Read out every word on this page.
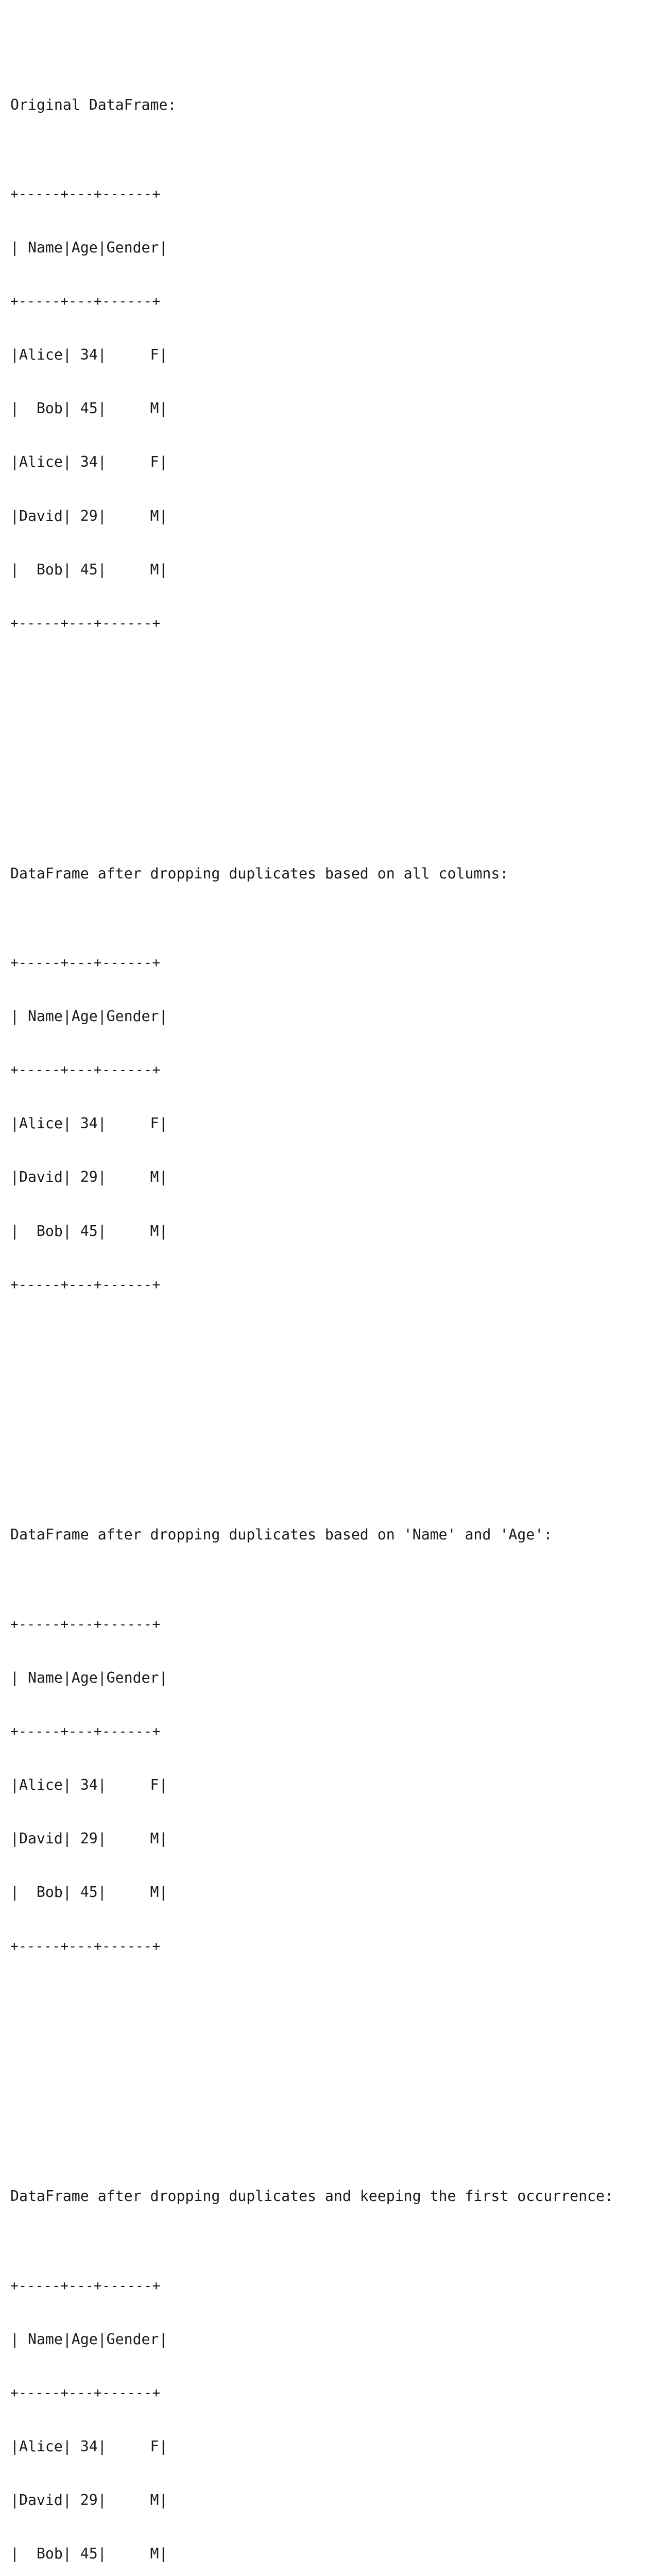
Original DataFrame:

+-----+---+------+

| Name|Age|Gender|

+-----+---+------+

|Alice| 34|     F|

|  Bob| 45|     M|

|Alice| 34|     F|

|David| 29|     M|

|  Bob| 45|     M|

+-----+---+------+

DataFrame after dropping duplicates based on all columns:

+-----+---+------+

| Name|Age|Gender|

+-----+---+------+

|Alice| 34|     F|

|David| 29|     M|

|  Bob| 45|     M|

+-----+---+------+

DataFrame after dropping duplicates based on 'Name' and 'Age':

+-----+---+------+

| Name|Age|Gender|

+-----+---+------+

|Alice| 34|     F|

|David| 29|     M|

|  Bob| 45|     M|

+-----+---+------+

DataFrame after dropping duplicates and keeping the first occurrence:

+-----+---+------+

| Name|Age|Gender|

+-----+---+------+

|Alice| 34|     F|

|David| 29|     M|

|  Bob| 45|     M|
